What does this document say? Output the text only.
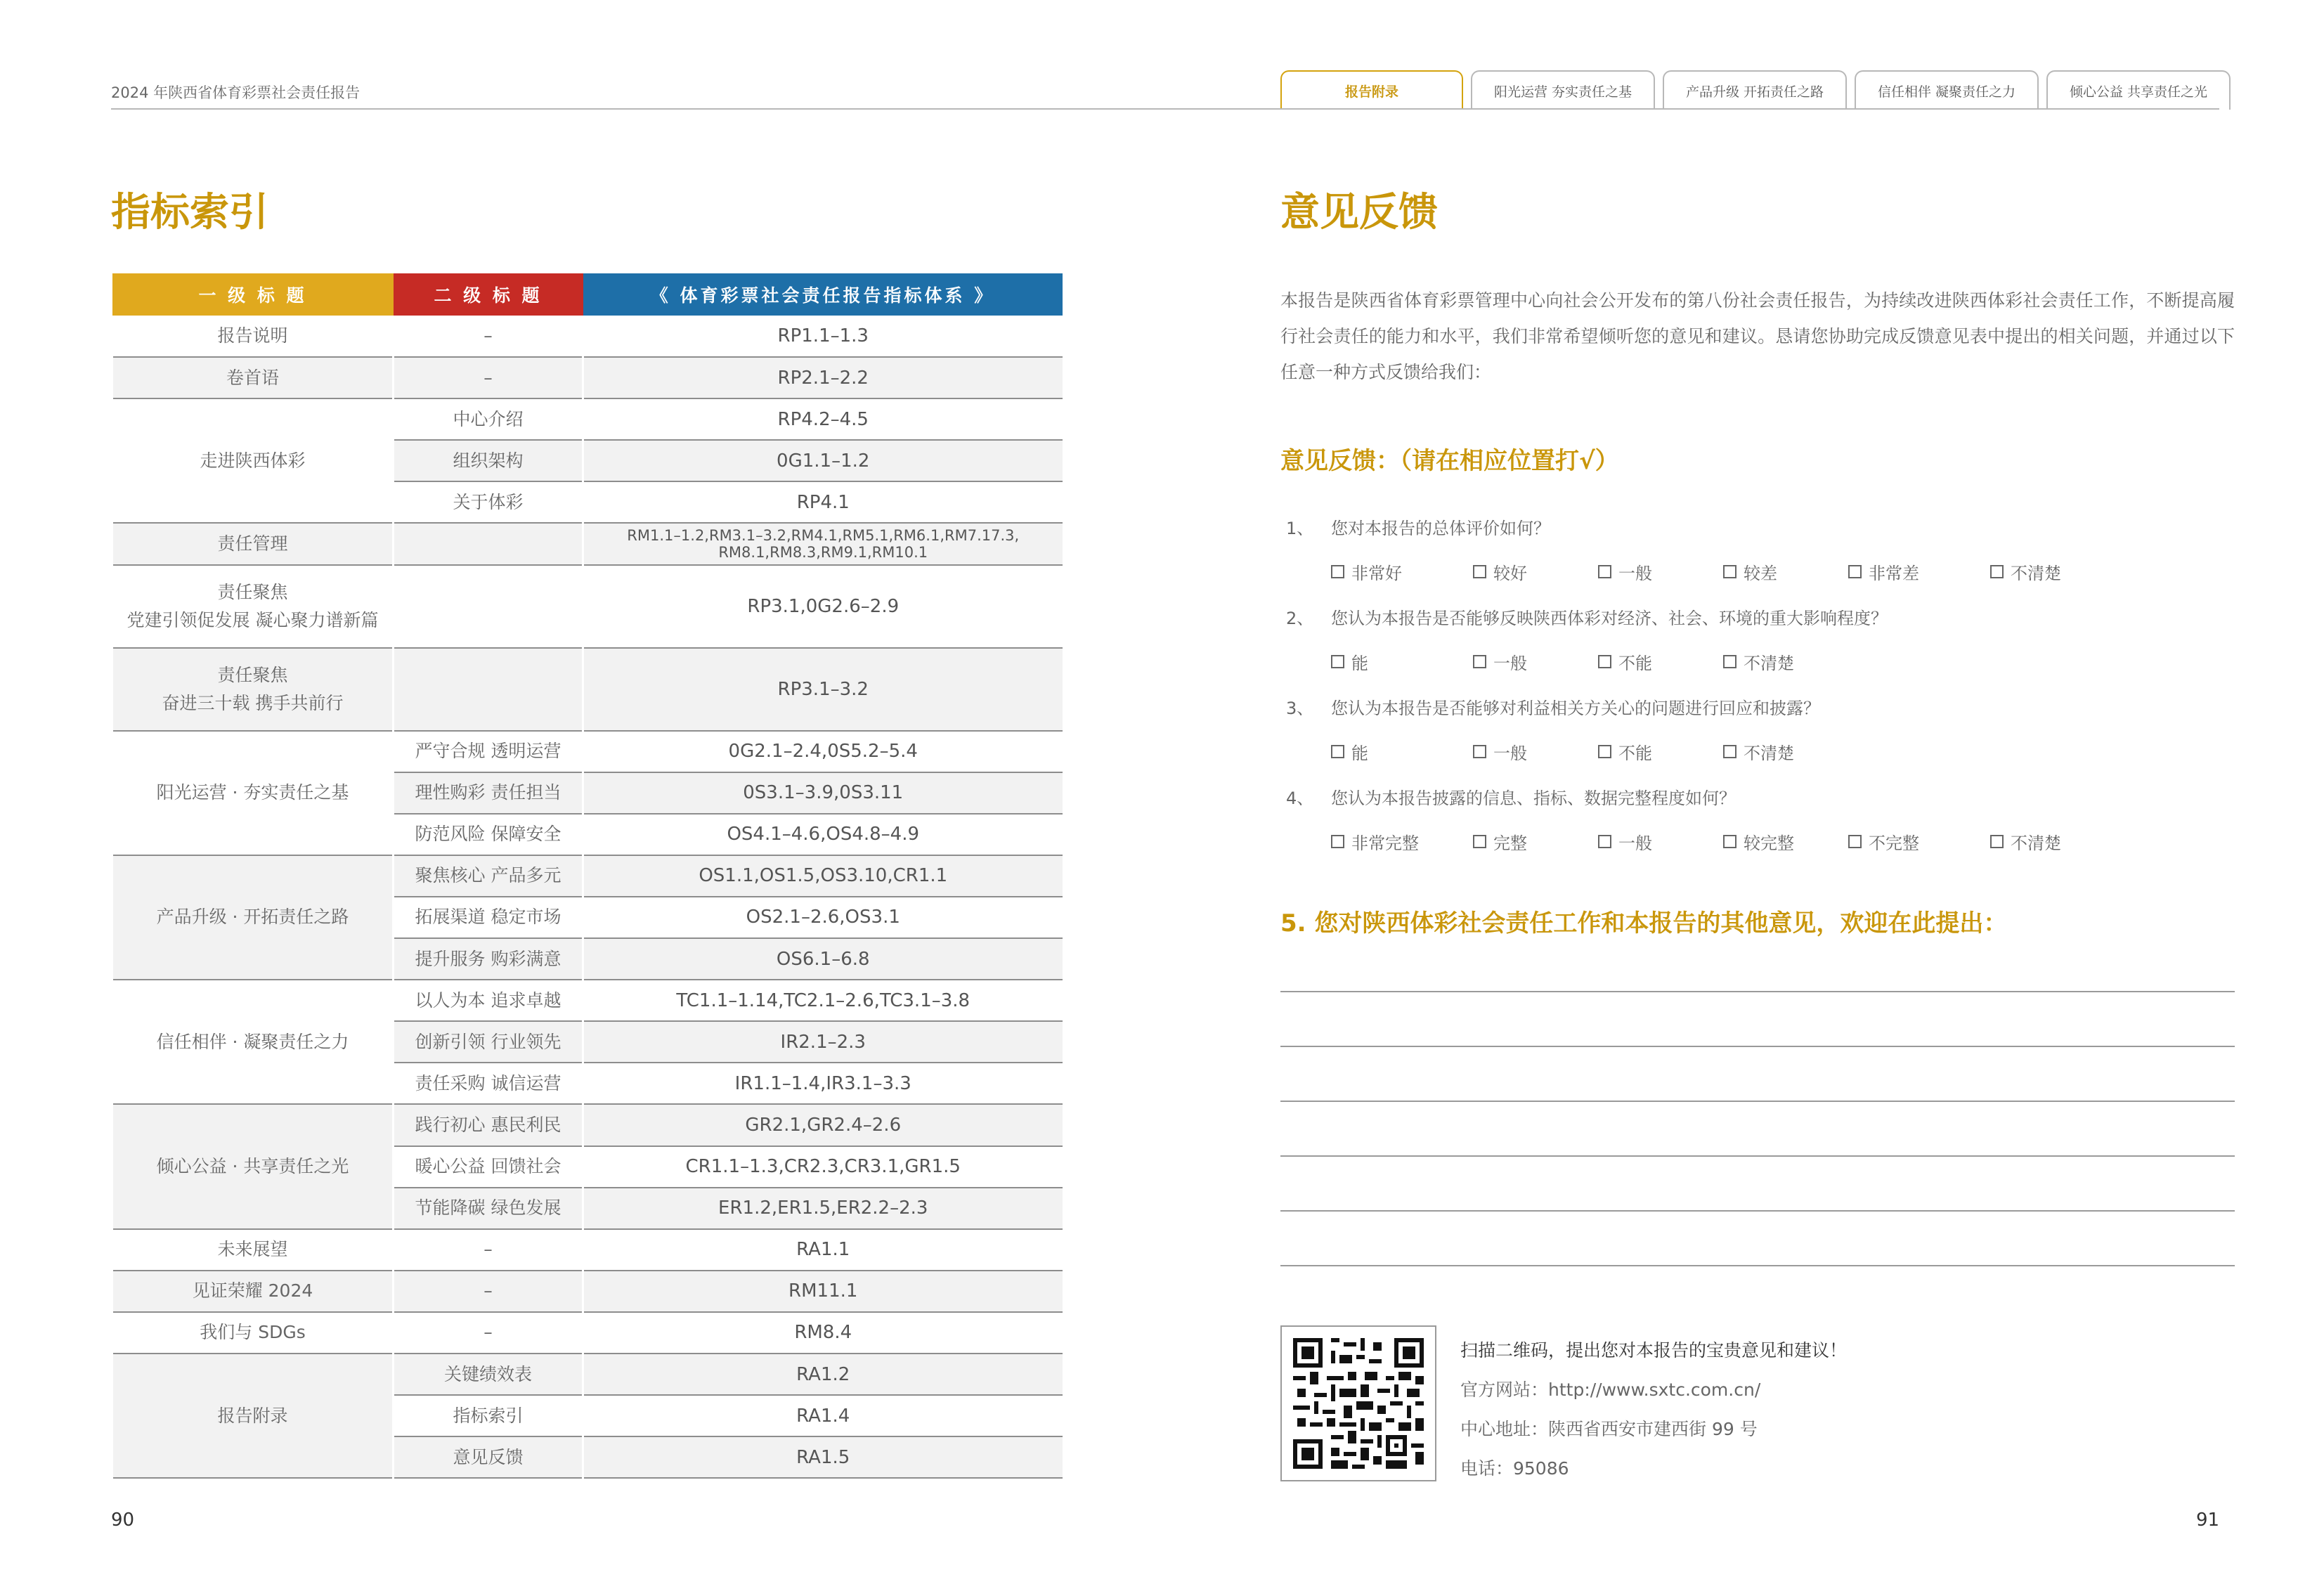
2024 年陕西省体育彩票社会责任报告	报告附录	阳光运营 夯实责任之基	产品升级 开拓责任之路	信任相伴 凝聚责任之力	倾心公益 共享责任之光
指标索引
一 级 标 题	二 级 标 题	《 体育彩票社会责任报告指标体系 》
报告说明	–	RP1.1–1.3
卷首语	–	RP2.1–2.2
走进陕西体彩	中心介绍	RP4.2–4.5
	组织架构	0G1.1–1.2
	关于体彩	RP4.1
责任管理		RM1.1–1.2,RM3.1–3.2,RM4.1,RM5.1,RM6.1,RM7.17.3,
RM8.1,RM8.3,RM9.1,RM10.1

责任聚焦
党建引领促发展 凝心聚力谱新篇		RP3.1,0G2.6–2.9

责任聚焦
奋进三十载 携手共前行		RP3.1–3.2
阳光运营 · 夯实责任之基	严守合规 透明运营	0G2.1–2.4,0S5.2–5.4
	理性购彩 责任担当	0S3.1–3.9,0S3.11
	防范风险 保障安全	OS4.1–4.6,OS4.8–4.9
产品升级 · 开拓责任之路	聚焦核心 产品多元	OS1.1,OS1.5,OS3.10,CR1.1
	拓展渠道 稳定市场	OS2.1–2.6,OS3.1
	提升服务 购彩满意	OS6.1–6.8
信任相伴 · 凝聚责任之力	以人为本 追求卓越	TC1.1–1.14,TC2.1–2.6,TC3.1–3.8
	创新引领 行业领先	IR2.1–2.3
	责任采购 诚信运营	IR1.1–1.4,IR3.1–3.3
倾心公益 · 共享责任之光	践行初心 惠民利民	GR2.1,GR2.4–2.6
	暖心公益 回馈社会	CR1.1–1.3,CR2.3,CR3.1,GR1.5
	节能降碳 绿色发展	ER1.2,ER1.5,ER2.2–2.3
未来展望	–	RA1.1
见证荣耀 2024	–	RM11.1
我们与 SDGs	–	RM8.4
报告附录	关键绩效表	RA1.2
	指标索引	RA1.4
	意见反馈	RA1.5
90
意见反馈
本报告是陕西省体育彩票管理中心向社会公开发布的第八份社会责任报告，为持续改进陕西体彩社会责任工作，不断提高履行社会责任的能力和水平，我们非常希望倾听您的意见和建议。恳请您协助完成反馈意见表中提出的相关问题，并通过以下任意一种方式反馈给我们：
意见反馈：（请在相应位置打√）
1、 您对本报告的总体评价如何？
非常好	较好	一般	较差	非常差	不清楚
2、 您认为本报告是否能够反映陕西体彩对经济、社会、环境的重大影响程度？
能	一般	不能	不清楚
3、 您认为本报告是否能够对利益相关方关心的问题进行回应和披露？
能	一般	不能	不清楚
4、 您认为本报告披露的信息、指标、数据完整程度如何？
非常完整	完整	一般	较完整	不完整	不清楚
5. 您对陕西体彩社会责任工作和本报告的其他意见，欢迎在此提出：
扫描二维码，提出您对本报告的宝贵意见和建议！
官方网站：http://www.sxtc.com.cn/
中心地址：陕西省西安市建西街 99 号
电话：95086
91
